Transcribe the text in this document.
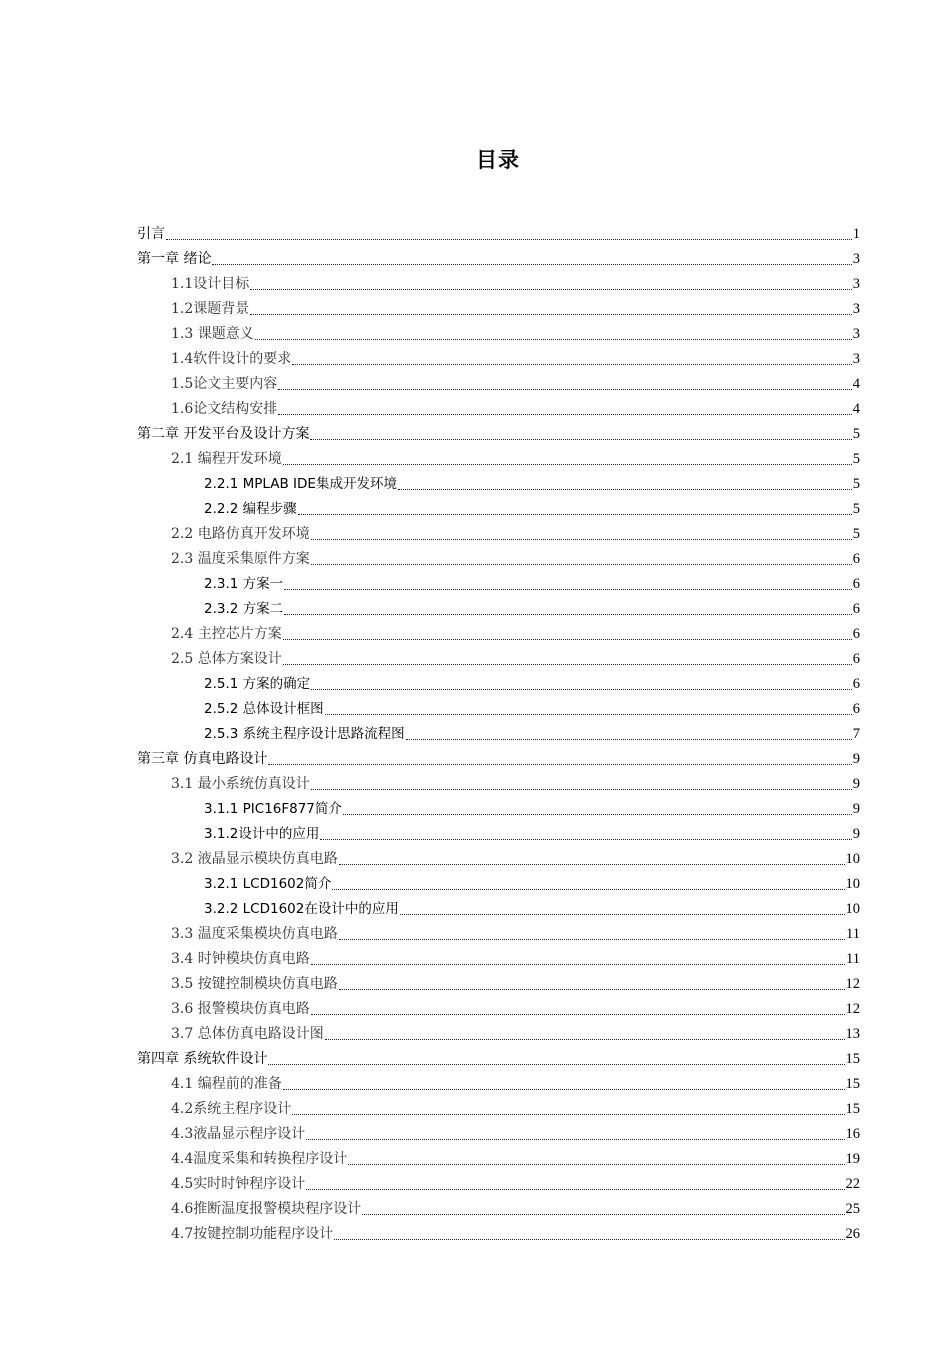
目录
引言	1
第一章 绪论	3
1.1设计目标	3
1.2课题背景	3
1.3 课题意义	3
1.4软件设计的要求	3
1.5论文主要内容	4
1.6论文结构安排	4
第二章 开发平台及设计方案	5
2.1 编程开发环境	5
2.2.1 MPLAB IDE集成开发环境	5
2.2.2 编程步骤	5
2.2 电路仿真开发环境	5
2.3 温度采集原件方案	6
2.3.1 方案一	6
2.3.2 方案二	6
2.4 主控芯片方案	6
2.5 总体方案设计	6
2.5.1 方案的确定	6
2.5.2 总体设计框图	6
2.5.3 系统主程序设计思路流程图	7
第三章 仿真电路设计	9
3.1 最小系统仿真设计	9
3.1.1 PIC16F877简介	9
3.1.2设计中的应用	9
3.2 液晶显示模块仿真电路	10
3.2.1 LCD1602简介	10
3.2.2 LCD1602在设计中的应用	10
3.3 温度采集模块仿真电路	11
3.4 时钟模块仿真电路	11
3.5 按键控制模块仿真电路	12
3.6 报警模块仿真电路	12
3.7 总体仿真电路设计图	13
第四章 系统软件设计	15
4.1 编程前的准备	15
4.2系统主程序设计	15
4.3液晶显示程序设计	16
4.4温度采集和转换程序设计	19
4.5实时时钟程序设计	22
4.6推断温度报警模块程序设计	25
4.7按键控制功能程序设计	26
